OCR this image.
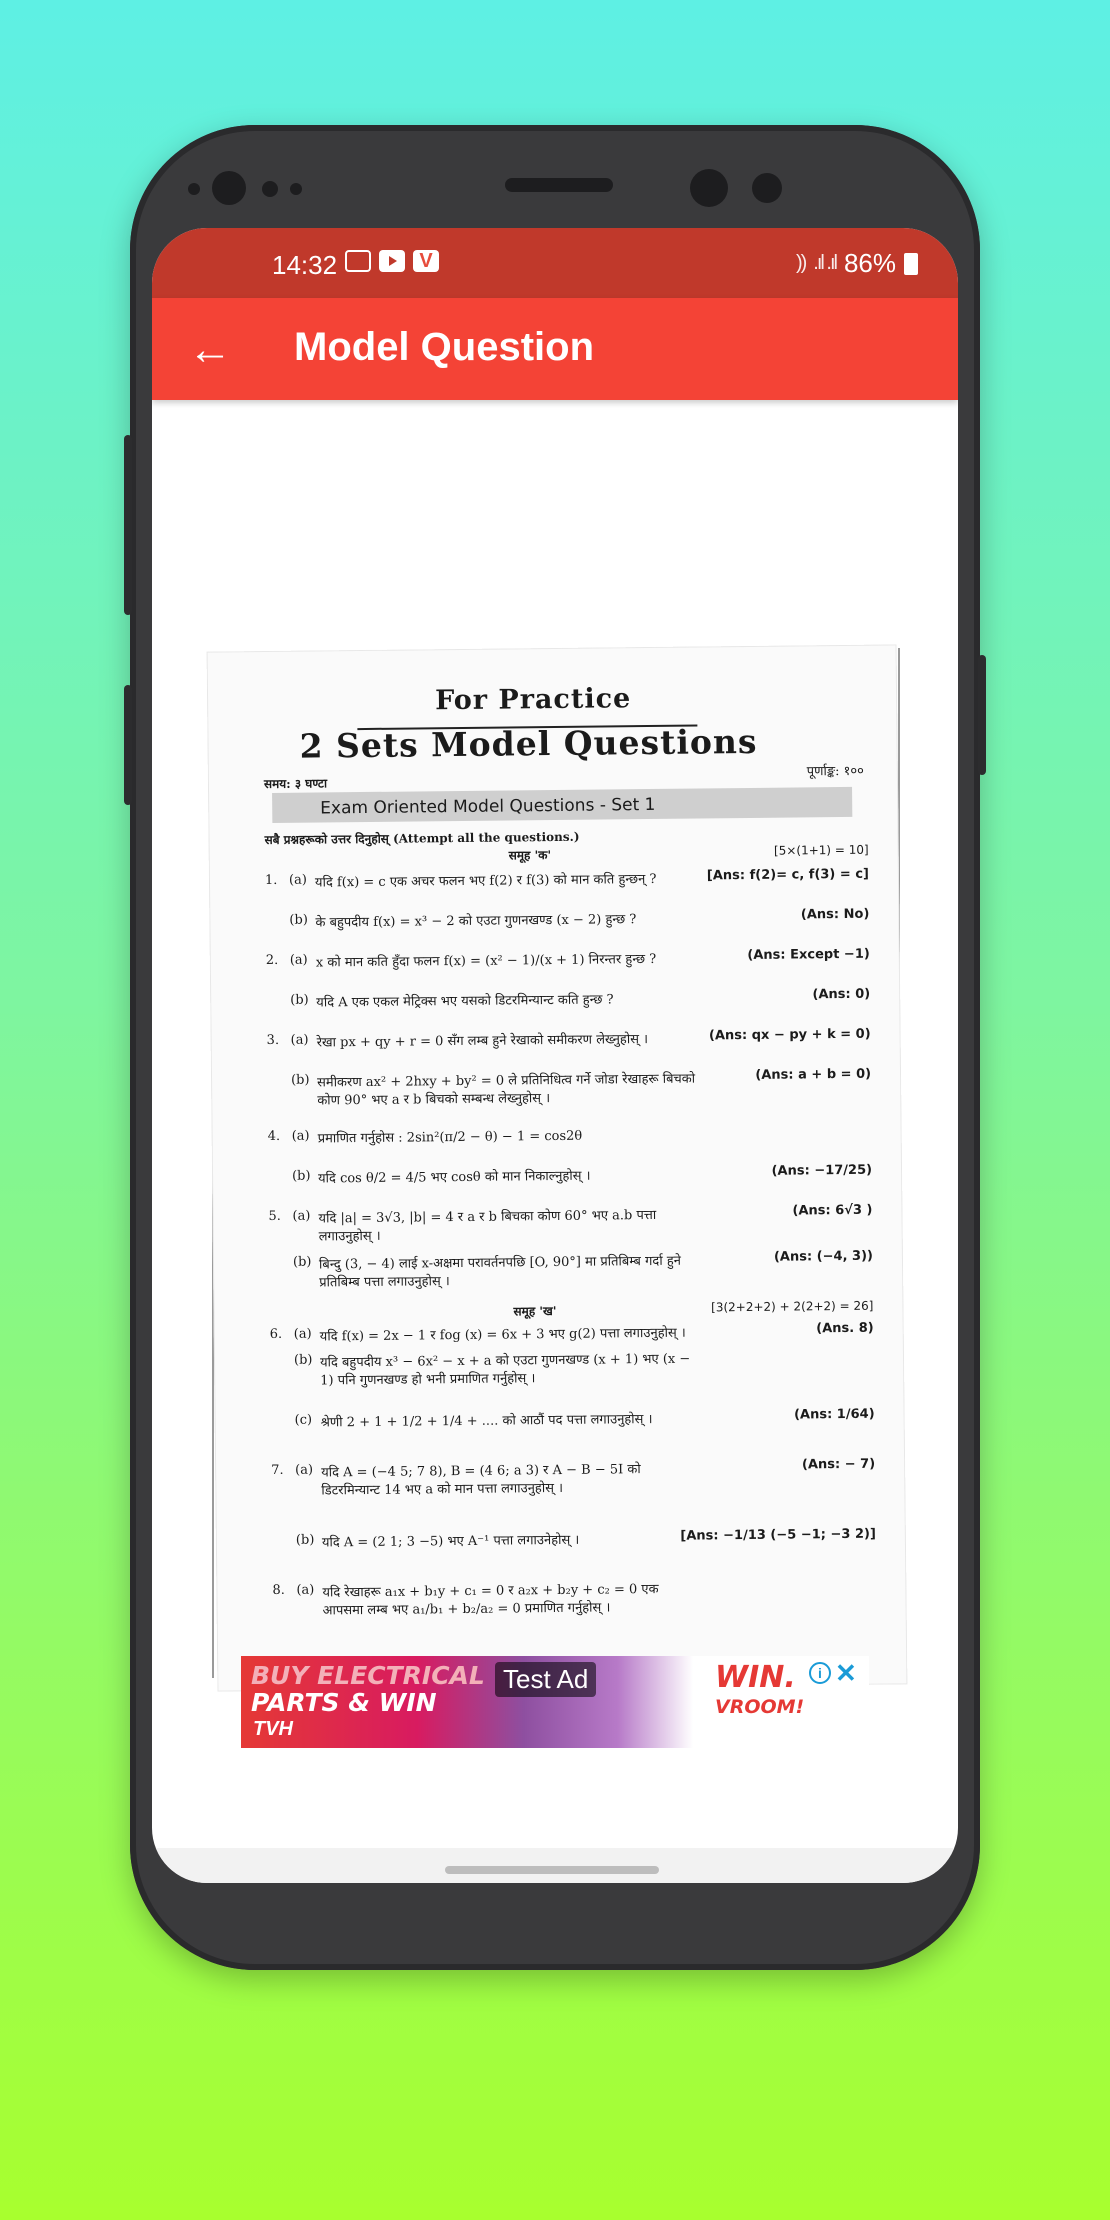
14:32	V	)) .ıl .ıl 86%
← Model Question
For Practice
2 Sets Model Questions
समय: ३ घण्टा
पूर्णाङ्क: १००
Exam Oriented Model Questions - Set 1
सबै प्रश्नहरूको उत्तर दिनुहोस् (Attempt all the questions.)
समूह 'क'	[5×(1+1) = 10]
1. (a) यदि f(x) = c एक अचर फलन भए f(2) र f(3) को मान कति हुन्छन् ?	[Ans: f(2)= c, f(3) = c]
(b) के बहुपदीय f(x) = x³ − 2 को एउटा गुणनखण्ड (x − 2) हुन्छ ?	(Ans: No)
2. (a) x को मान कति हुँदा फलन f(x) = (x² − 1)/(x + 1) निरन्तर हुन्छ ?	(Ans: Except −1)
(b) यदि A एक एकल मेट्रिक्स भए यसको डिटरमिन्यान्ट कति हुन्छ ?	(Ans: 0)
3. (a) रेखा px + qy + r = 0 सँग लम्ब हुने रेखाको समीकरण लेख्नुहोस् ।	(Ans: qx − py + k = 0)
(b) समीकरण ax² + 2hxy + by² = 0 ले प्रतिनिधित्व गर्ने जोडा रेखाहरू बिचको कोण 90° भए a र b बिचको सम्बन्ध लेख्नुहोस् ।
(Ans: a + b = 0)
4. (a) प्रमाणित गर्नुहोस : 2sin²(π/2 − θ) − 1 = cos2θ
(b) यदि cos θ/2 = 4/5 भए cosθ को मान निकाल्नुहोस् ।	(Ans: −17/25)
5. (a) यदि |a| = 3√3, |b| = 4 र a र b बिचका कोण 60° भए a.b पत्ता लगाउनुहोस् ।
(Ans: 6√3 )
(b) बिन्दु (3, − 4) लाई x-अक्षमा परावर्तनपछि [O, 90°] मा प्रतिबिम्ब गर्दा हुने प्रतिबिम्ब पत्ता लगाउनुहोस् ।
(Ans: (−4, 3))
समूह 'ख'	[3(2+2+2) + 2(2+2) = 26]
6. (a) यदि f(x) = 2x − 1 र fog (x) = 6x + 3 भए g(2) पत्ता लगाउनुहोस् ।	(Ans. 8)
(b) यदि बहुपदीय x³ − 6x² − x + a को एउटा गुणनखण्ड (x + 1) भए (x − 1) पनि गुणनखण्ड हो भनी प्रमाणित गर्नुहोस् ।
(c) श्रेणी 2 + 1 + 1/2 + 1/4 + .... को आठौं पद पत्ता लगाउनुहोस् ।	(Ans: 1/64)
7. (a) यदि A = (−4 5; 7 8), B = (4 6; a 3) र A − B − 5I को डिटरमिन्यान्ट 14 भए a को मान पत्ता लगाउनुहोस् ।
(Ans: − 7)
(b) यदि A = (2 1; 3 −5) भए A⁻¹ पत्ता लगाउनेहोस् ।	[Ans: −1/13 (−5 −1; −3 2)]
8. (a) यदि रेखाहरू a₁x + b₁y + c₁ = 0 र a₂x + b₂y + c₂ = 0 एक आपसमा लम्ब भए a₁/b₁ + b₂/a₂ = 0 प्रमाणित गर्नुहोस् ।
BUY ELECTRICAL
PARTS & WIN
TVH
Test Ad	WIN.
VROOM!
i ✕
